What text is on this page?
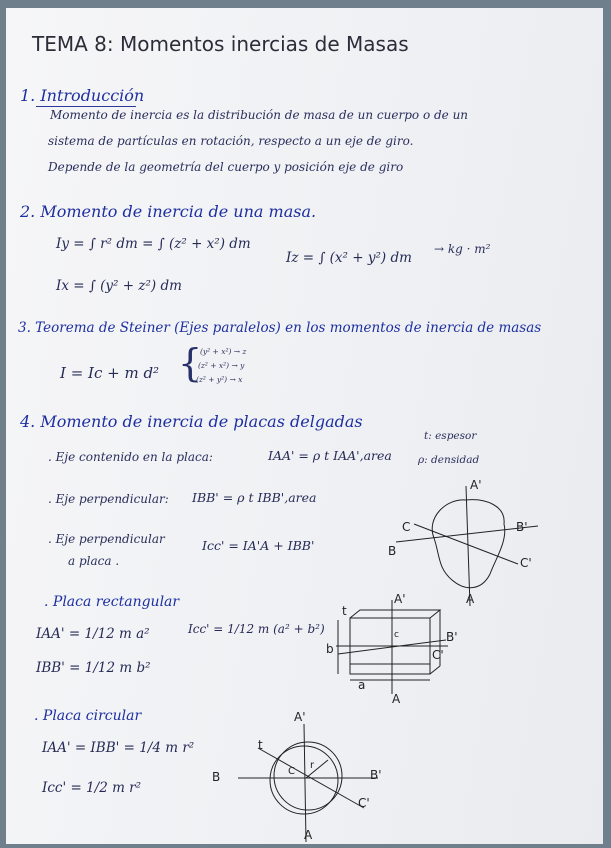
TEMA 8: Momentos inercias de Masas
1. Introducción
Momento de inercia es la distribución de masa de un cuerpo o de un
sistema de partículas en rotación, respecto a un eje de giro.
Depende de la geometría del cuerpo y posición eje de giro
2. Momento de inercia de una masa.
Iy = ∫ r² dm = ∫ (z² + x²) dm
Iz = ∫ (x² + y²) dm
→ kg · m²
Ix = ∫ (y² + z²) dm
3. Teorema de Steiner (Ejes paralelos) en los momentos de inercia de masas
I = Ic + m d² {
(y² + x²) → z
(z² + x²) → y
(z² + y²) → x
4. Momento de inercia de placas delgadas
. Eje contenido en la placa:	IAA' = ρ t IAA',area
t: espesor
ρ: densidad
. Eje perpendicular: IBB' = ρ t IBB',area
. Eje perpendicular
a placa .
Icc' = IA'A + IBB'
A'
A
B
B'
C
C'
. Placa rectangular
IAA' = 1/12 m a²	Icc' = 1/12 m (a² + b²)
IBB' = 1/12 m b²
t
A'
A
B'
C'
b
a
c
. Placa circular
IAA' = IBB' = 1/4 m r²
Icc' = 1/2 m r²
A'
A
B	B'
C'
t
C
r
